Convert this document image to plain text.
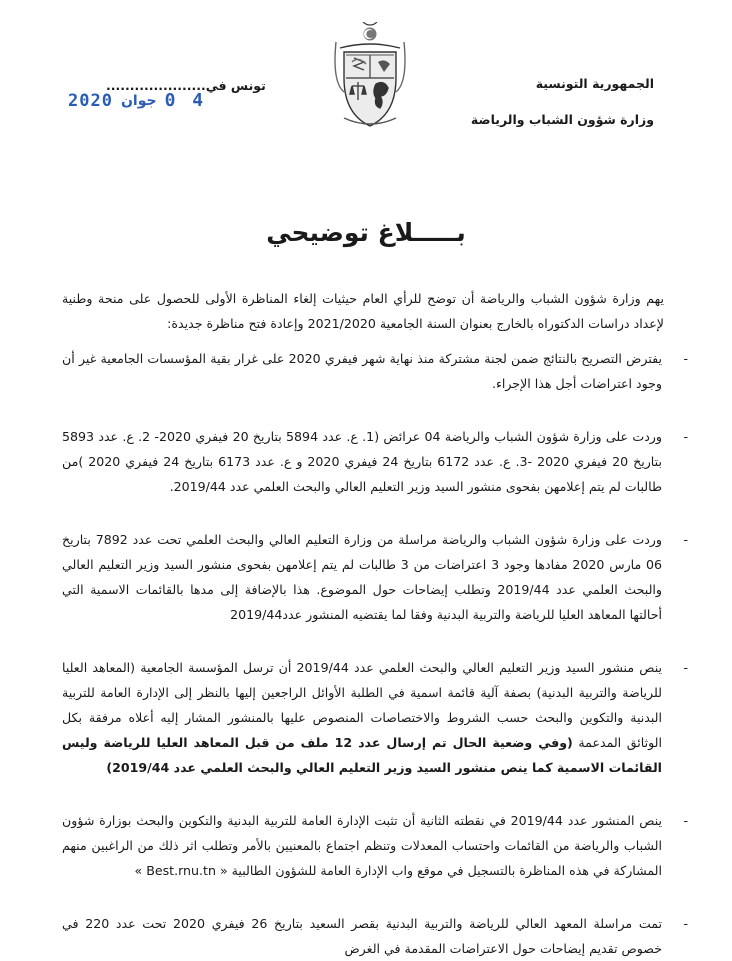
الجمهورية التونسية
وزارة شؤون الشباب والرياضة
تونس في.....................
2020 جوان 0 4
بـــــلاغ توضيحي
يهم وزارة شؤون الشباب والرياضة أن توضح للرأي العام حيثيات إلغاء المناظرة الأولى للحصول على منحة وطنية لإعداد دراسات الدكتوراه بالخارج بعنوان السنة الجامعية 2021/2020 وإعادة فتح مناظرة جديدة:
-

يفترض التصريح بالنتائج ضمن لجنة مشتركة منذ نهاية شهر فيفري 2020 على غرار بقية المؤسسات الجامعية غير أن وجود اعتراضات أجل هذا الإجراء.

-

وردت على وزارة شؤون الشباب والرياضة 04 عرائض (1. ع. عدد 5894 بتاريخ 20 فيفري 2020- 2. ع. عدد 5893 بتاريخ 20 فيفري 2020 -3. ع. عدد 6172 بتاريخ 24 فيفري 2020 و ع. عدد 6173 بتاريخ 24 فيفري 2020 )من طالبات لم يتم إعلامهن بفحوى منشور السيد وزير التعليم العالي والبحث العلمي عدد 2019/44.

-

وردت على وزارة شؤون الشباب والرياضة مراسلة من وزارة التعليم العالي والبحث العلمي تحت عدد 7892 بتاريخ 06 مارس 2020 مفادها وجود 3 اعتراضات من 3 طالبات لم يتم إعلامهن بفحوى منشور السيد وزير التعليم العالي والبحث العلمي عدد 2019/44 وتطلب إيضاحات حول الموضوع. هذا بالإضافة إلى مدها بالقائمات الاسمية التي أحالتها المعاهد العليا للرياضة والتربية البدنية وفقا لما يقتضيه المنشور عدد2019/44

-

ينص منشور السيد وزير التعليم العالي والبحث العلمي عدد 2019/44 أن ترسل المؤسسة الجامعية (المعاهد العليا للرياضة والتربية البدنية) بصفة آلية قائمة اسمية في الطلبة الأوائل الراجعين إليها بالنظر إلى الإدارة العامة للتربية البدنية والتكوين والبحث حسب الشروط والاختصاصات المنصوص عليها بالمنشور المشار إليه أعلاه مرفقة بكل الوثائق المدعمة (وفي وضعية الحال تم إرسال عدد 12 ملف من قبل المعاهد العليا للرياضة وليس القائمات الاسمية كما ينص منشور السيد وزير التعليم العالي والبحث العلمي عدد 2019/44)

-

ينص المنشور عدد 2019/44 في نقطته الثانية أن تثبت الإدارة العامة للتربية البدنية والتكوين والبحث بوزارة شؤون الشباب والرياضة من القائمات واحتساب المعدلات وتنظم اجتماع بالمعنيين بالأمر وتطلب اثر ذلك من الراغبين منهم المشاركة في هذه المناظرة بالتسجيل في موقع واب الإدارة العامة للشؤون الطالبية « Best.rnu.tn »

-

تمت مراسلة المعهد العالي للرياضة والتربية البدنية بقصر السعيد بتاريخ 26 فيفري 2020 تحت عدد 220 في خصوص تقديم إيضاحات حول الاعتراضات المقدمة في الغرض
